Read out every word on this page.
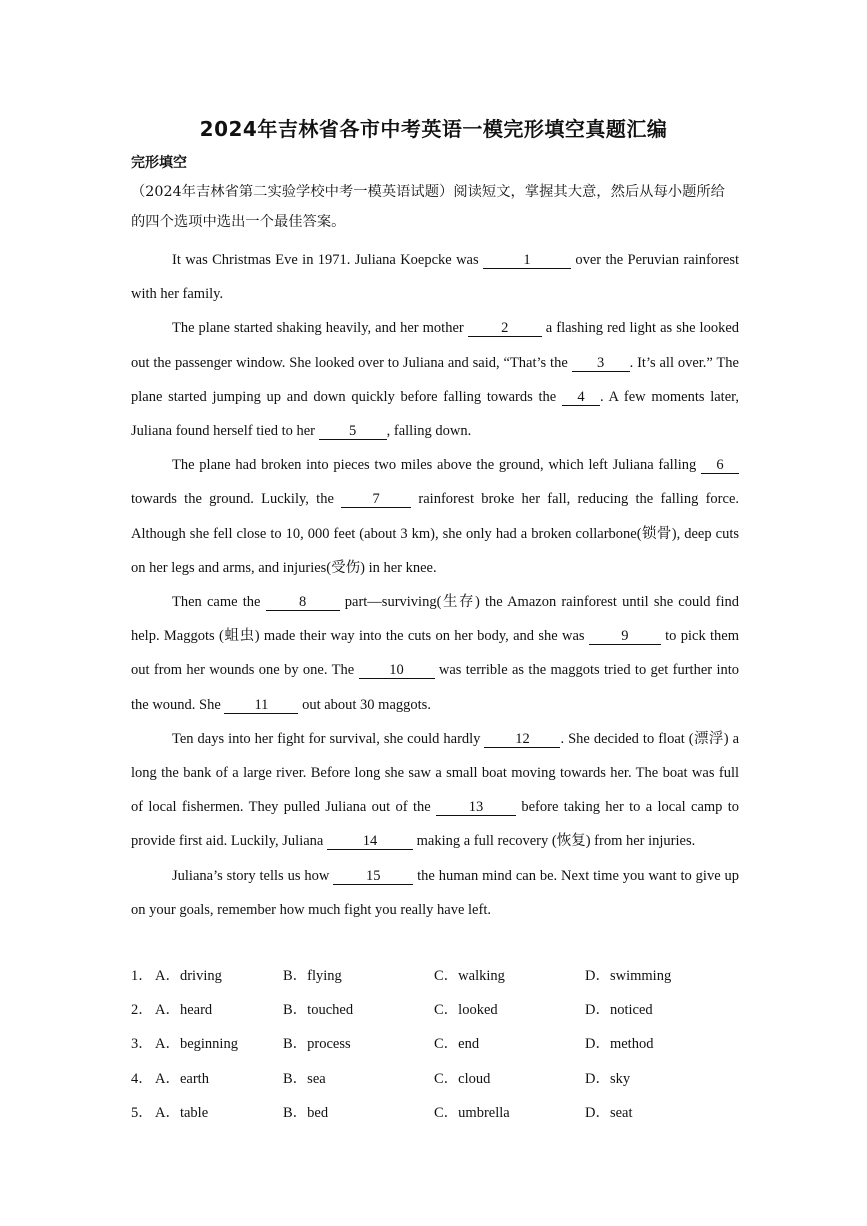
2024年吉林省各市中考英语一模完形填空真题汇编
完形填空
（2024年吉林省第二实验学校中考一模英语试题）阅读短文，掌握其大意，然后从每小题所给的四个选项中选出一个最佳答案。

It was Christmas Eve in 1971. Juliana Koepcke was	1	over the Peruvian rainforest with her family.

The plane started shaking heavily, and her mother	2	a flashing red light as she looked out the passenger window. She looked over to Juliana and said, “That’s the 3 . It’s all over.” The plane started jumping up and down quickly before falling towards the 4 . A few moments later, Juliana found herself tied to her 5 , falling down.

The plane had broken into pieces two miles above the ground, which left Juliana falling 6 towards the ground. Luckily, the	7	rainforest broke her fall, reducing the falling force. Although she fell close to 10, 000 feet (about 3 km), she only had a broken collarbone(锁骨), deep cuts on her legs and arms, and injuries(受伤) in her knee.

Then came the	8	part—surviving(生存) the Amazon rainforest until she could find help. Maggots (蛆虫) made their way into the cuts on her body, and she was	9	to pick them out from her wounds one by one. The 10 was terrible as the maggots tried to get further into the wound. She 11 out about 30 maggots.

Ten days into her fight for survival, she could hardly 12 . She decided to float (漂浮) a long the bank of a large river. Before long she saw a small boat moving towards her. The boat was full of local fishermen. They pulled Juliana out of the	13	before taking her to a local camp to provide first aid. Luckily, Juliana	14	making a full recovery (恢复) from her injuries.

Juliana’s story tells us how	15	the human mind can be. Next time you want to give up on your goals, remember how much fight you really have left.

1． A．driving	B．flying	C．walking	D．swimming
2． A．heard	B．touched	C．looked	D．noticed
3． A．beginning	B．process	C．end	D．method
4． A．earth	B．sea	C．cloud	D．sky
5． A．table	B．bed	C．umbrella	D．seat
